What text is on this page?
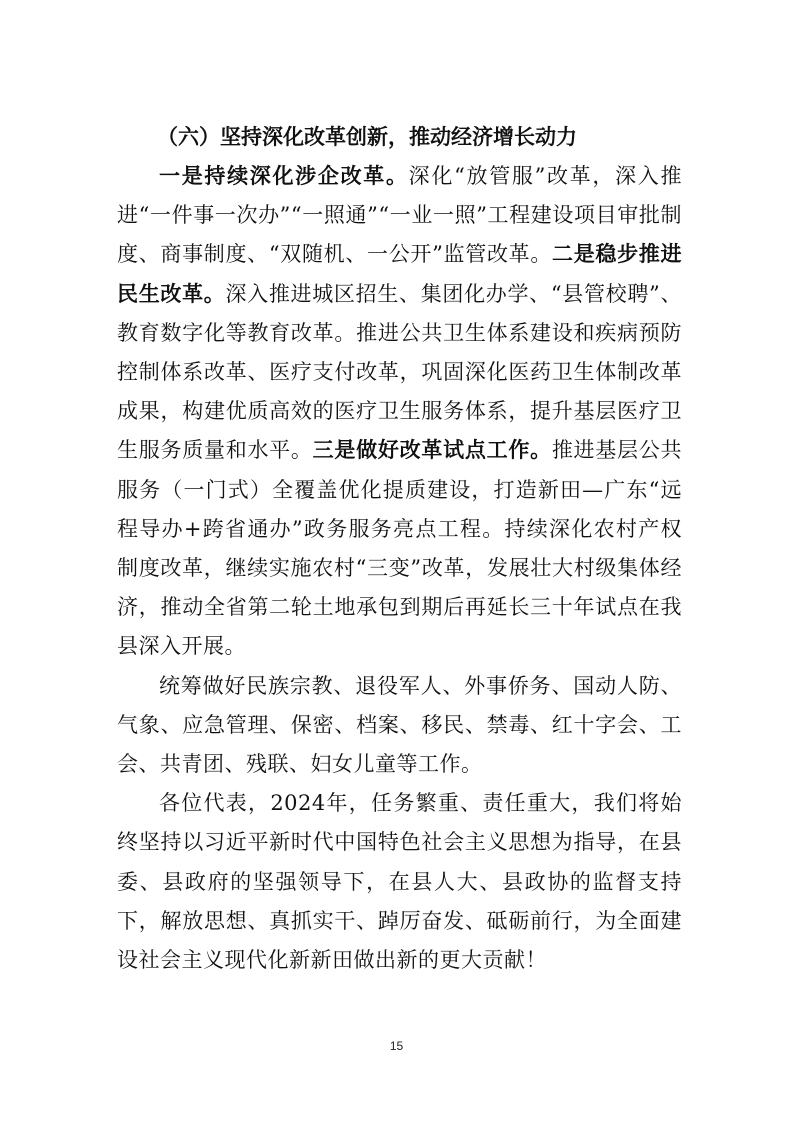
（六）坚持深化改革创新，推动经济增长动力

一是持续深化涉企改革。深化“放管服”改革，深入推进“一件事一次办”“一照通”“一业一照”工程建设项目审批制度、商事制度、“双随机、一公开”监管改革。二是稳步推进民生改革。深入推进城区招生、集团化办学、“县管校聘”、教育数字化等教育改革。推进公共卫生体系建设和疾病预防控制体系改革、医疗支付改革，巩固深化医药卫生体制改革成果，构建优质高效的医疗卫生服务体系，提升基层医疗卫生服务质量和水平。三是做好改革试点工作。推进基层公共服务（一门式）全覆盖优化提质建设，打造新田—广东“远程导办+跨省通办”政务服务亮点工程。持续深化农村产权制度改革，继续实施农村“三变”改革，发展壮大村级集体经济，推动全省第二轮土地承包到期后再延长三十年试点在我县深入开展。

统筹做好民族宗教、退役军人、外事侨务、国动人防、气象、应急管理、保密、档案、移民、禁毒、红十字会、工会、共青团、残联、妇女儿童等工作。

各位代表，2024年，任务繁重、责任重大，我们将始终坚持以习近平新时代中国特色社会主义思想为指导，在县委、县政府的坚强领导下，在县人大、县政协的监督支持下，解放思想、真抓实干、踔厉奋发、砥砺前行，为全面建设社会主义现代化新新田做出新的更大贡献！

15
